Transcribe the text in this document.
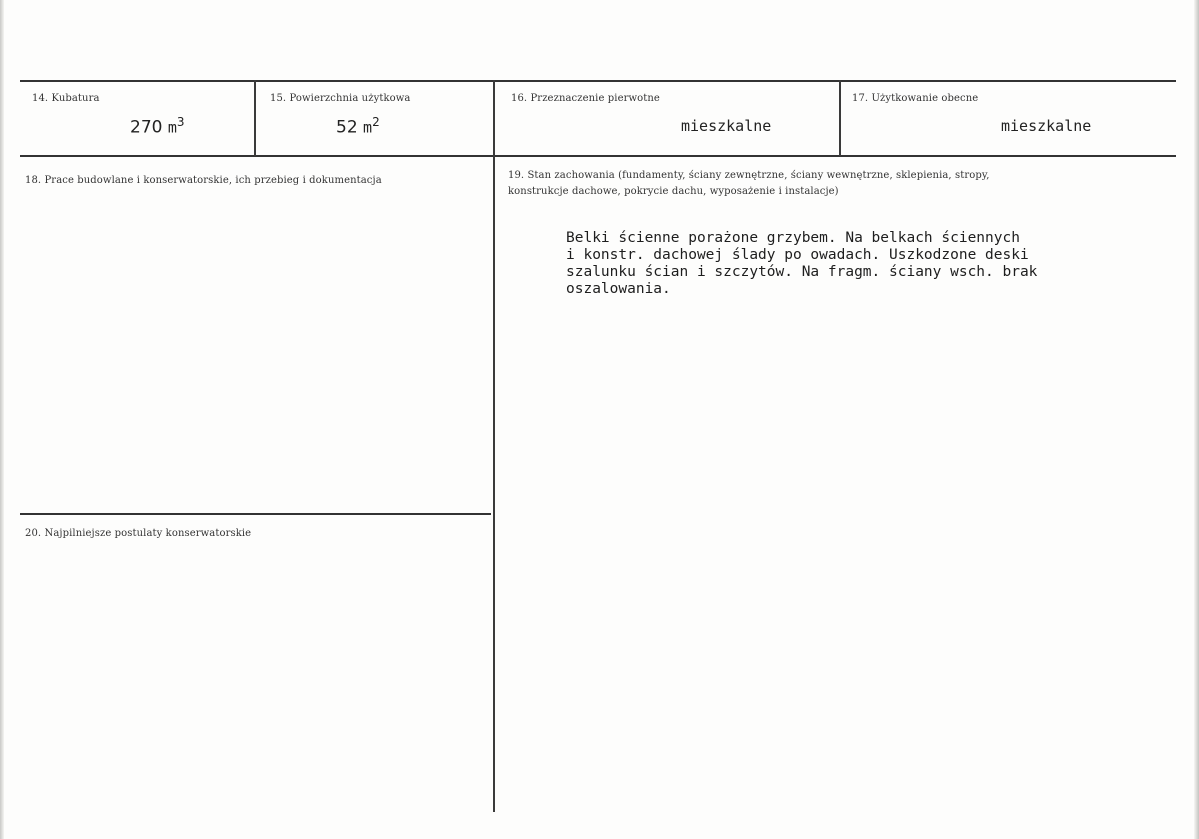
14. Kubatura
270 $m^3$
15. Powierzchnia użytkowa
52 $m^2$
16. Przeznaczenie pierwotne
mieszkalne
17. Użytkowanie obecne
mieszkalne
18. Prace budowlane i konserwatorskie, ich przebieg i dokumentacja	19. Stan zachowania (fundamenty, ściany zewnętrzne, ściany wewnętrzne, sklepienia, stropy,
konstrukcje dachowe, pokrycie dachu, wyposażenie i instalacje)
Belki ścienne porażone grzybem. Na belkach ściennych
i konstr. dachowej ślady po owadach. Uszkodzone deski
szalunku ścian i szczytów. Na fragm. ściany wsch. brak
oszalowania.
20. Najpilniejsze postulaty konserwatorskie
